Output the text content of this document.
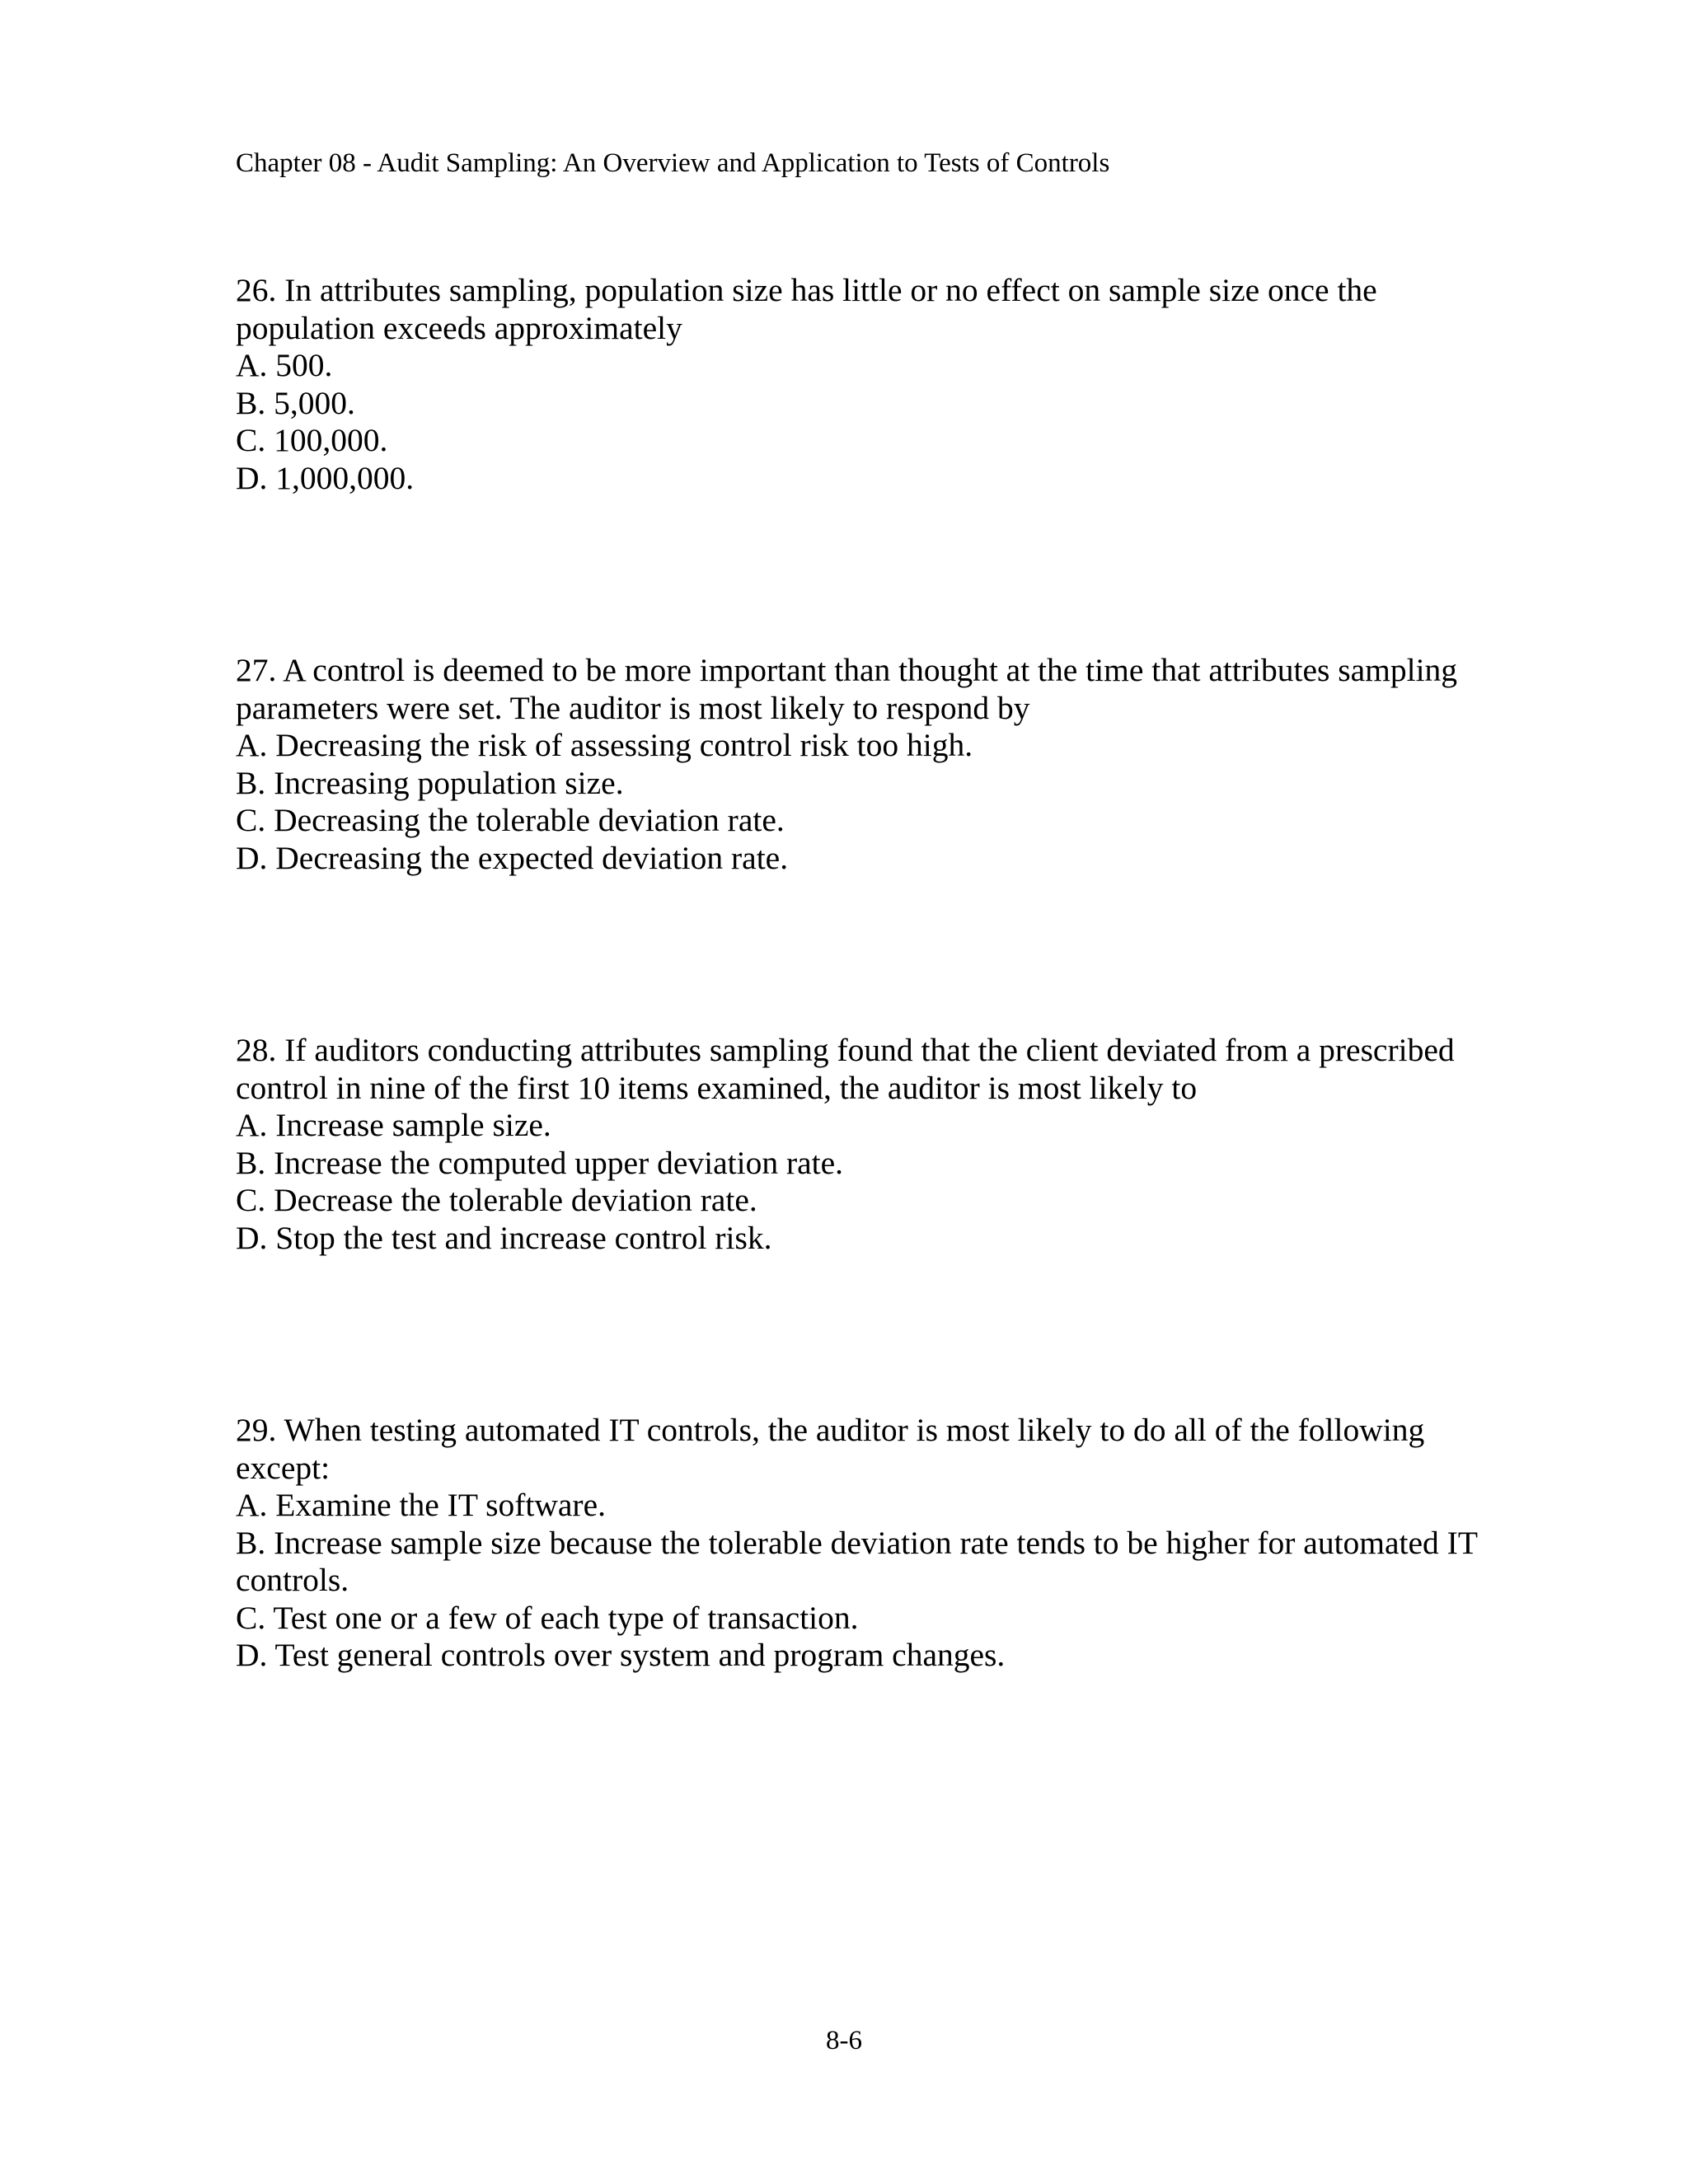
Chapter 08 - Audit Sampling: An Overview and Application to Tests of Controls
26. In attributes sampling, population size has little or no effect on sample size once the population exceeds approximately
A. 500.
B. 5,000.
C. 100,000.
D. 1,000,000.
27. A control is deemed to be more important than thought at the time that attributes sampling parameters were set. The auditor is most likely to respond by
A. Decreasing the risk of assessing control risk too high.
B. Increasing population size.
C. Decreasing the tolerable deviation rate.
D. Decreasing the expected deviation rate.
28. If auditors conducting attributes sampling found that the client deviated from a prescribed control in nine of the first 10 items examined, the auditor is most likely to
A. Increase sample size.
B. Increase the computed upper deviation rate.
C. Decrease the tolerable deviation rate.
D. Stop the test and increase control risk.
29. When testing automated IT controls, the auditor is most likely to do all of the following except:
A. Examine the IT software.
B. Increase sample size because the tolerable deviation rate tends to be higher for automated IT controls.
C. Test one or a few of each type of transaction.
D. Test general controls over system and program changes.
8-6
